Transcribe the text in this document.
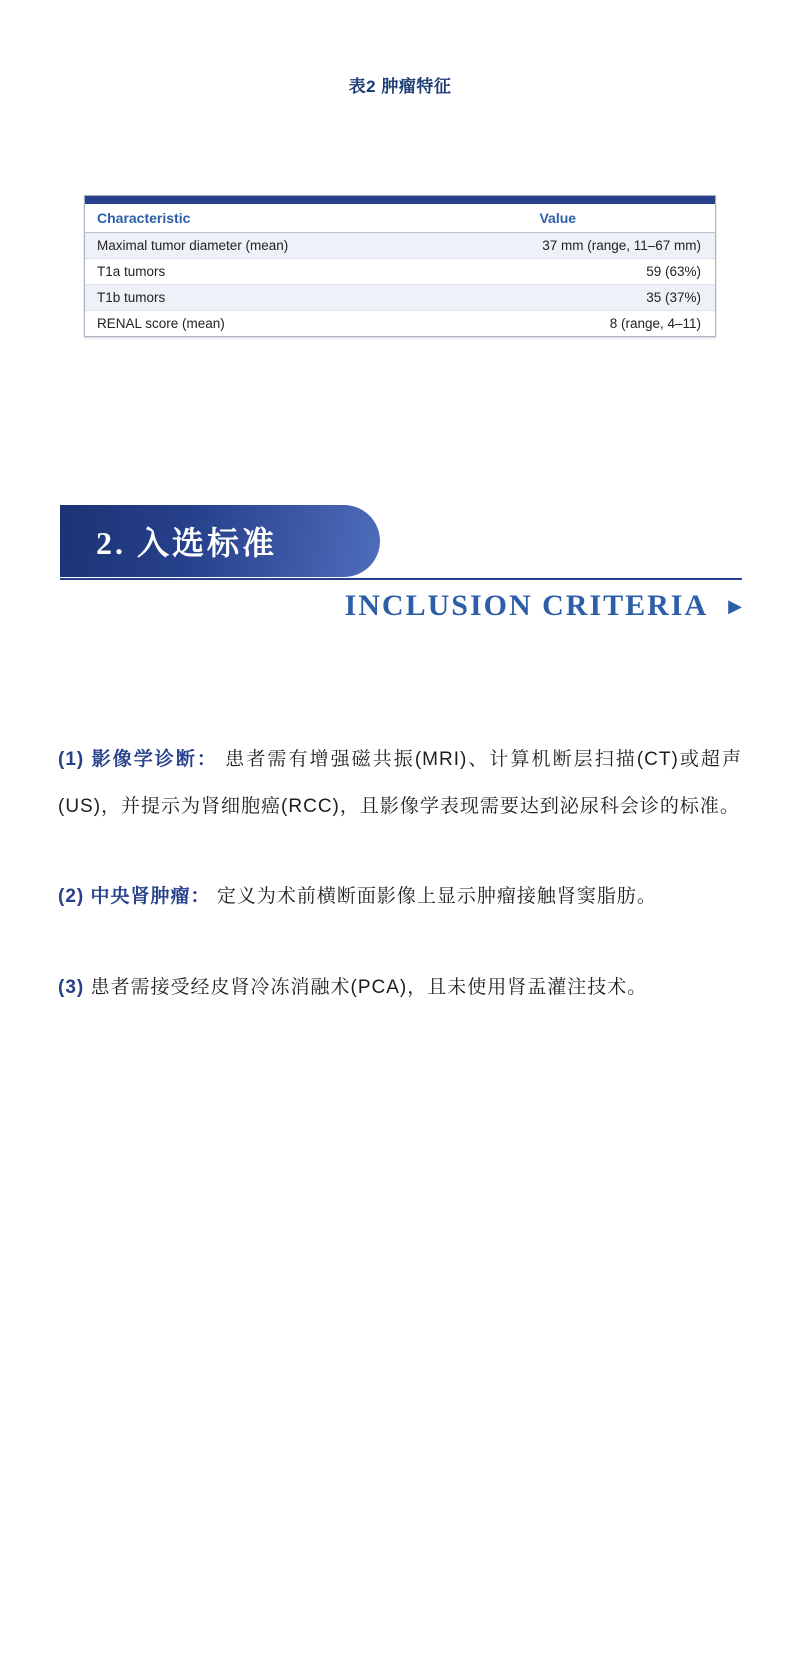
表2 肿瘤特征
Characteristic	Value
Maximal tumor diameter (mean)	37 mm (range, 11–67 mm)
T1a tumors	59 (63%)
T1b tumors	35 (37%)
RENAL score (mean)	8 (range, 4–11)
2. 入选标准
INCLUSION CRITERIA ▶

(1) 影像学诊断： 患者需有增强磁共振(MRI)、计算机断层扫描(CT)或超声(US)，并提示为肾细胞癌(RCC)，且影像学表现需要达到泌尿科会诊的标准。

(2) 中央肾肿瘤： 定义为术前横断面影像上显示肿瘤接触肾窦脂肪。

(3) 患者需接受经皮肾冷冻消融术(PCA)，且未使用肾盂灌注技术。
